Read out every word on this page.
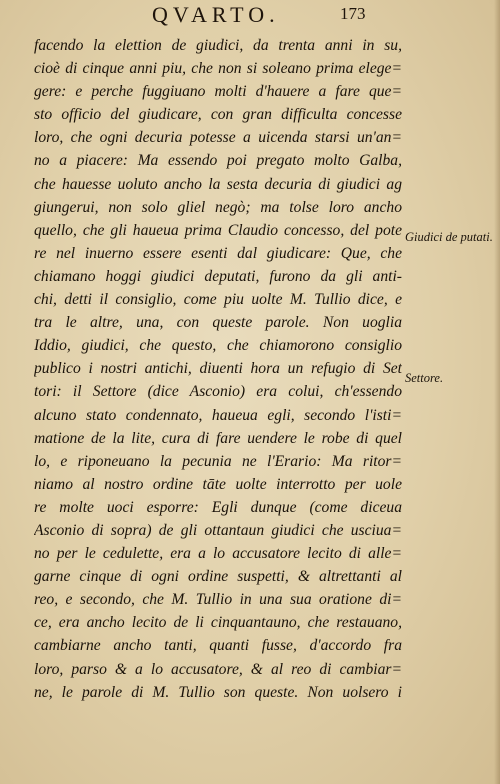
QVARTO.	173
facendo la elettion de giudici, da trenta anni in su,
cioè di cinque anni piu, che non si soleano prima elege=
gere: e perche fuggiuano molti d'hauere a fare que=
sto officio del giudicare, con gran difficulta concesse
loro, che ogni decuria potesse a uicenda starsi un'an=
no a piacere: Ma essendo poi pregato molto Galba,
che hauesse uoluto ancho la sesta decuria di giudici ag
giungerui, non solo gliel negò; ma tolse loro ancho
quello, che gli haueua prima Claudio concesso, del pote
re nel inuerno essere esenti dal giudicare: Que, che
chiamano hoggi giudici deputati, furono da gli anti-
chi, detti il consiglio, come piu uolte M. Tullio dice, e
tra le altre, una, con queste parole. Non uoglia
Iddio, giudici, che questo, che chiamorono consiglio
publico i nostri antichi, diuenti hora un refugio di Set
tori: il Settore (dice Asconio) era colui, ch'essendo
alcuno stato condennato, haueua egli, secondo l'isti=
matione de la lite, cura di fare uendere le robe di quel
lo, e riponeuano la pecunia ne l'Erario: Ma ritor=
niamo al nostro ordine tāte uolte interrotto per uole
re molte uoci esporre: Egli dunque (come diceua
Asconio di sopra) de gli ottantaun giudici che usciua=
no per le cedulette, era a lo accusatore lecito di alle=
garne cinque di ogni ordine suspetti, & altrettanti al
reo, e secondo, che M. Tullio in una sua oratione di=
ce, era ancho lecito de li cinquantauno, che restauano,
cambiarne ancho tanti, quanti fusse, d'accordo fra
loro, parso & a lo accusatore, & al reo di cambiar=
ne, le parole di M. Tullio son queste. Non uolsero i
Giudici de putati.
Settore.
